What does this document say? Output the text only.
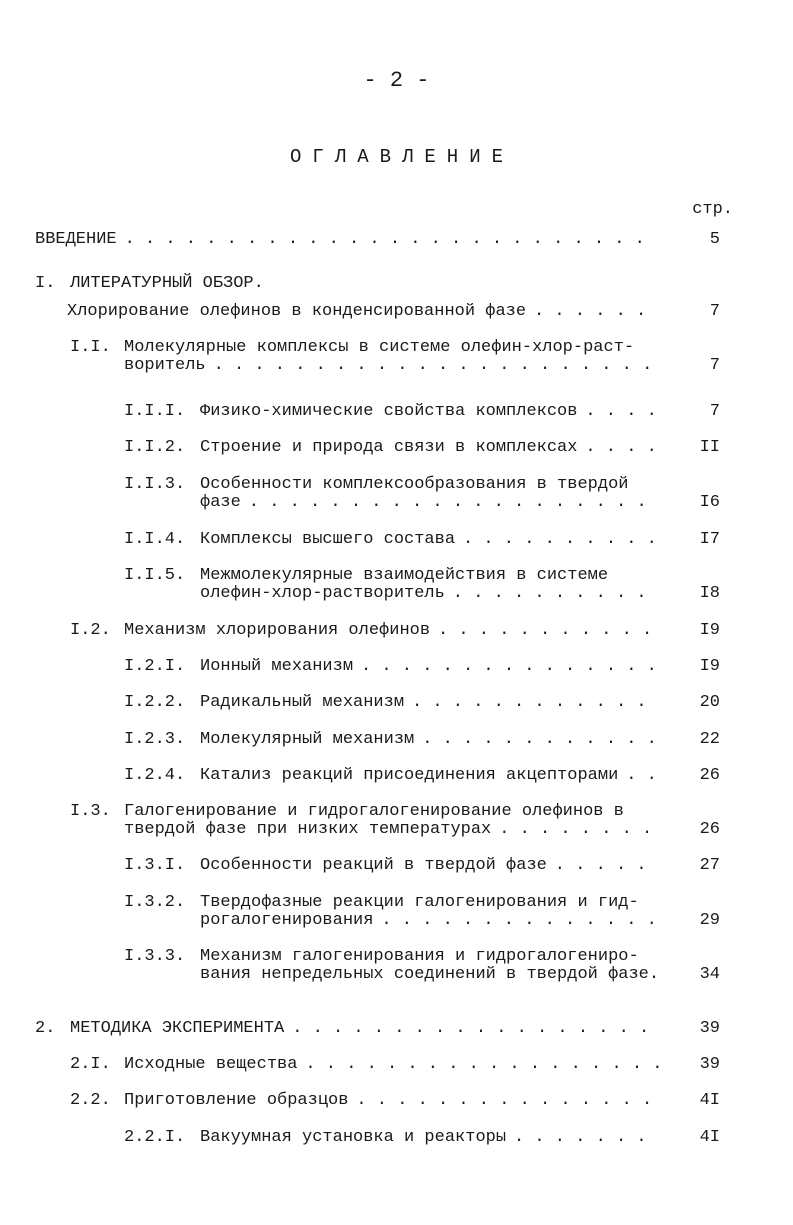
- 2 -
ОГЛАВЛЕНИЕ
стр.
ВВЕДЕНИЕ . . . . . . . . . . . . . . . . . . . . . . . . . .	5
I. ЛИТЕРАТУРНЫЙ ОБЗОР.
Хлорирование олефинов в конденсированной фазе . . . . . .	7
I.I. Молекулярные комплексы в системе олефин-хлор-раст-
воритель . . . . . . . . . . . . . . . . . . . . . .	7
I.I.I. Физико-химические свойства комплексов . . . .	7
I.I.2. Строение и природа связи в комплексах . . . .	II
I.I.3. Особенности комплексообразования в твердой
фазе . . . . . . . . . . . . . . . . . . . .	I6
I.I.4. Комплексы высшего состава . . . . . . . . . .	I7
I.I.5. Межмолекулярные взаимодействия в системе
олефин-хлор-растворитель . . . . . . . . . .	I8
I.2. Механизм хлорирования олефинов . . . . . . . . . . .	I9
I.2.I. Ионный механизм . . . . . . . . . . . . . . .	I9
I.2.2. Радикальный механизм . . . . . . . . . . . .	20
I.2.3. Молекулярный механизм . . . . . . . . . . . .	22
I.2.4. Катализ реакций присоединения акцепторами . .	26
I.3. Галогенирование и гидрогалогенирование олефинов в
твердой фазе при низких температурах . . . . . . . .	26
I.3.I. Особенности реакций в твердой фазе . . . . .	27
I.3.2. Твердофазные реакции галогенирования и гид-
рогалогенирования . . . . . . . . . . . . . .	29
I.3.3. Механизм галогенирования и гидрогалогениро-
вания непредельных соединений в твердой фазе.	34
2. МЕТОДИКА ЭКСПЕРИМЕНТА . . . . . . . . . . . . . . . . . .	39
2.I. Исходные вещества . . . . . . . . . . . . . . . . . .	39
2.2. Приготовление образцов . . . . . . . . . . . . . . .	4I
2.2.I. Вакуумная установка и реакторы . . . . . . .	4I
